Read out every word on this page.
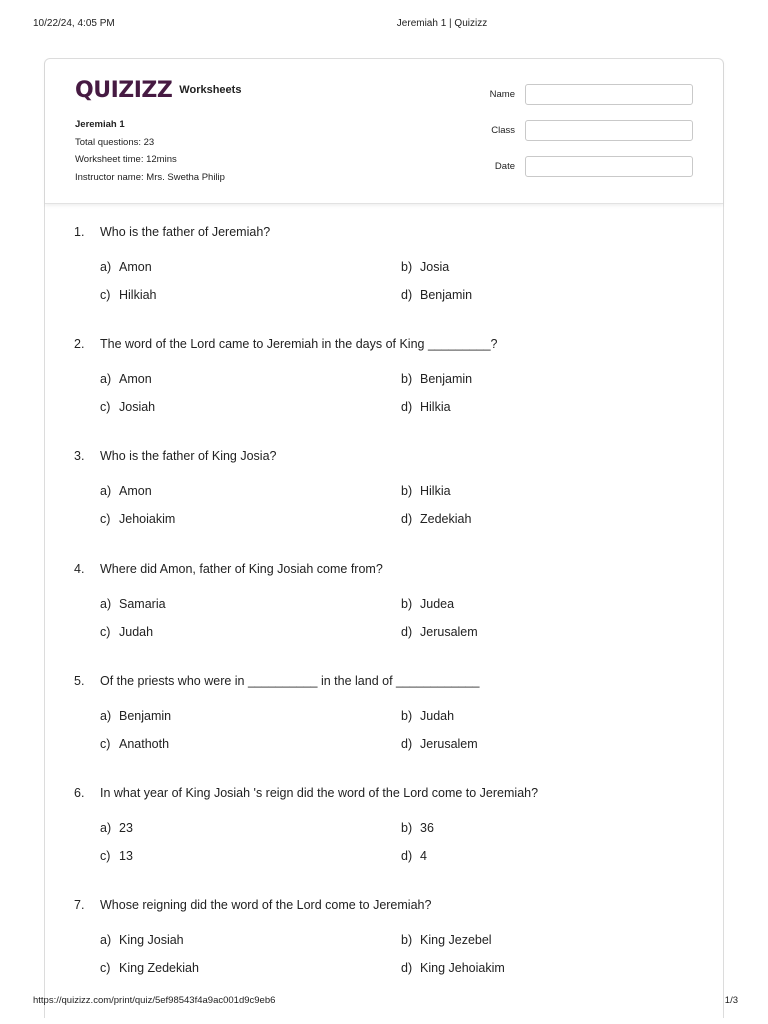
10/22/24, 4:05 PM	Jeremiah 1 | Quizizz
QUIZIZZ Worksheets
Jeremiah 1
Total questions: 23
Worksheet time: 12mins
Instructor name: Mrs. Swetha Philip
Name
Class
Date
1. Who is the father of Jeremiah?
a) Amon	b) Josia
c) Hilkiah	d) Benjamin
2. The word of the Lord came to Jeremiah in the days of King _________?
a) Amon	b) Benjamin
c) Josiah	d) Hilkia
3. Who is the father of King Josia?
a) Amon	b) Hilkia
c) Jehoiakim	d) Zedekiah
4. Where did Amon, father of King Josiah come from?
a) Samaria	b) Judea
c) Judah	d) Jerusalem
5. Of the priests who were in __________ in the land of ____________
a) Benjamin	b) Judah
c) Anathoth	d) Jerusalem
6. In what year of King Josiah 's reign did the word of the Lord come to Jeremiah?
a) 23	b) 36
c) 13	d) 4
7. Whose reigning did the word of the Lord come to Jeremiah?
a) King Josiah	b) King Jezebel
c) King Zedekiah	d) King Jehoiakim
https://quizizz.com/print/quiz/5ef98543f4a9ac001d9c9eb6	1/3
